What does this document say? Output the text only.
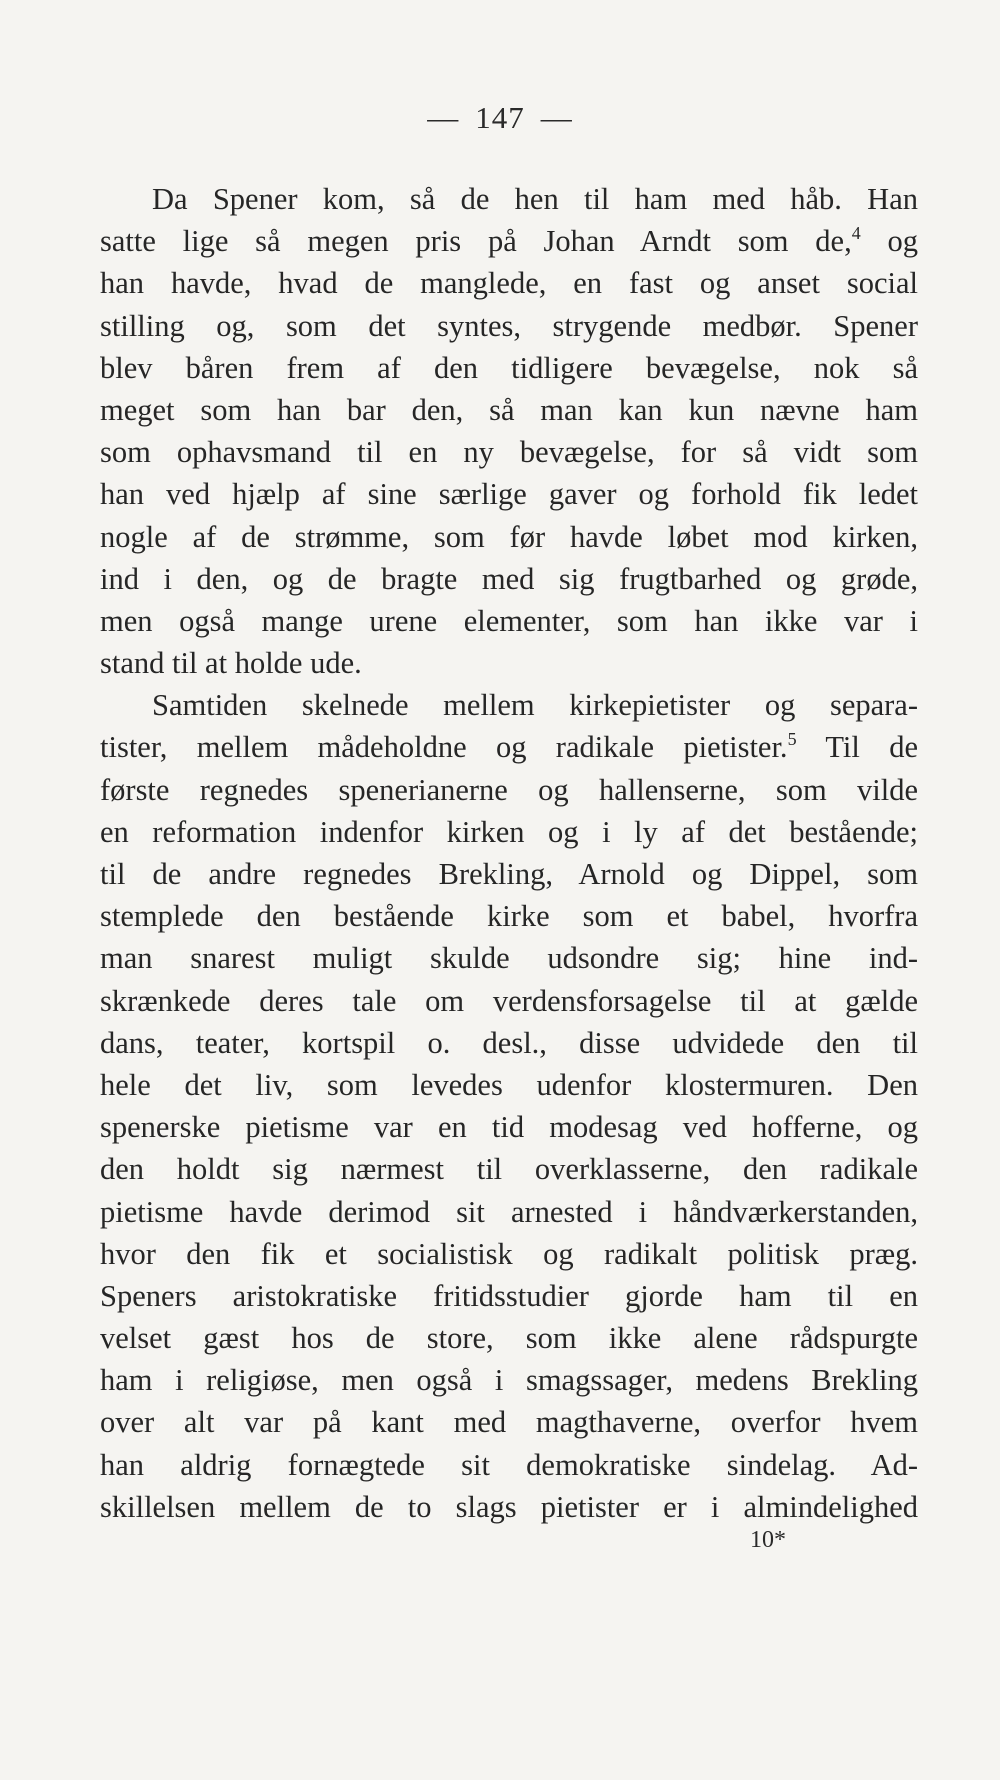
— 147 —
Da Spener kom, så de hen til ham med håb. Han
satte lige så megen pris på Johan Arndt som de,$^4$ og
han havde, hvad de manglede, en fast og anset social
stilling og, som det syntes, strygende medbør. Spener
blev båren frem af den tidligere bevægelse, nok så
meget som han bar den, så man kan kun nævne ham
som ophavsmand til en ny bevægelse, for så vidt som
han ved hjælp af sine særlige gaver og forhold fik ledet
nogle af de strømme, som før havde løbet mod kirken,
ind i den, og de bragte med sig frugtbarhed og grøde,
men også mange urene elementer, som han ikke var i
stand til at holde ude.
Samtiden skelnede mellem kirkepietister og separa-
tister, mellem mådeholdne og radikale pietister.$^5$ Til de
første regnedes spenerianerne og hallenserne, som vilde
en reformation indenfor kirken og i ly af det bestående;
til de andre regnedes Brekling, Arnold og Dippel, som
stemplede den bestående kirke som et babel, hvorfra
man snarest muligt skulde udsondre sig; hine ind-
skrænkede deres tale om verdensforsagelse til at gælde
dans, teater, kortspil o. desl., disse udvidede den til
hele det liv, som levedes udenfor klostermuren. Den
spenerske pietisme var en tid modesag ved hofferne, og
den holdt sig nærmest til overklasserne, den radikale
pietisme havde derimod sit arnested i håndværkerstanden,
hvor den fik et socialistisk og radikalt politisk præg.
Speners aristokratiske fritidsstudier gjorde ham til en
velset gæst hos de store, som ikke alene rådspurgte
ham i religiøse, men også i smagssager, medens Brekling
over alt var på kant med magthaverne, overfor hvem
han aldrig fornægtede sit demokratiske sindelag. Ad-
skillelsen mellem de to slags pietister er i almindelighed
10*
